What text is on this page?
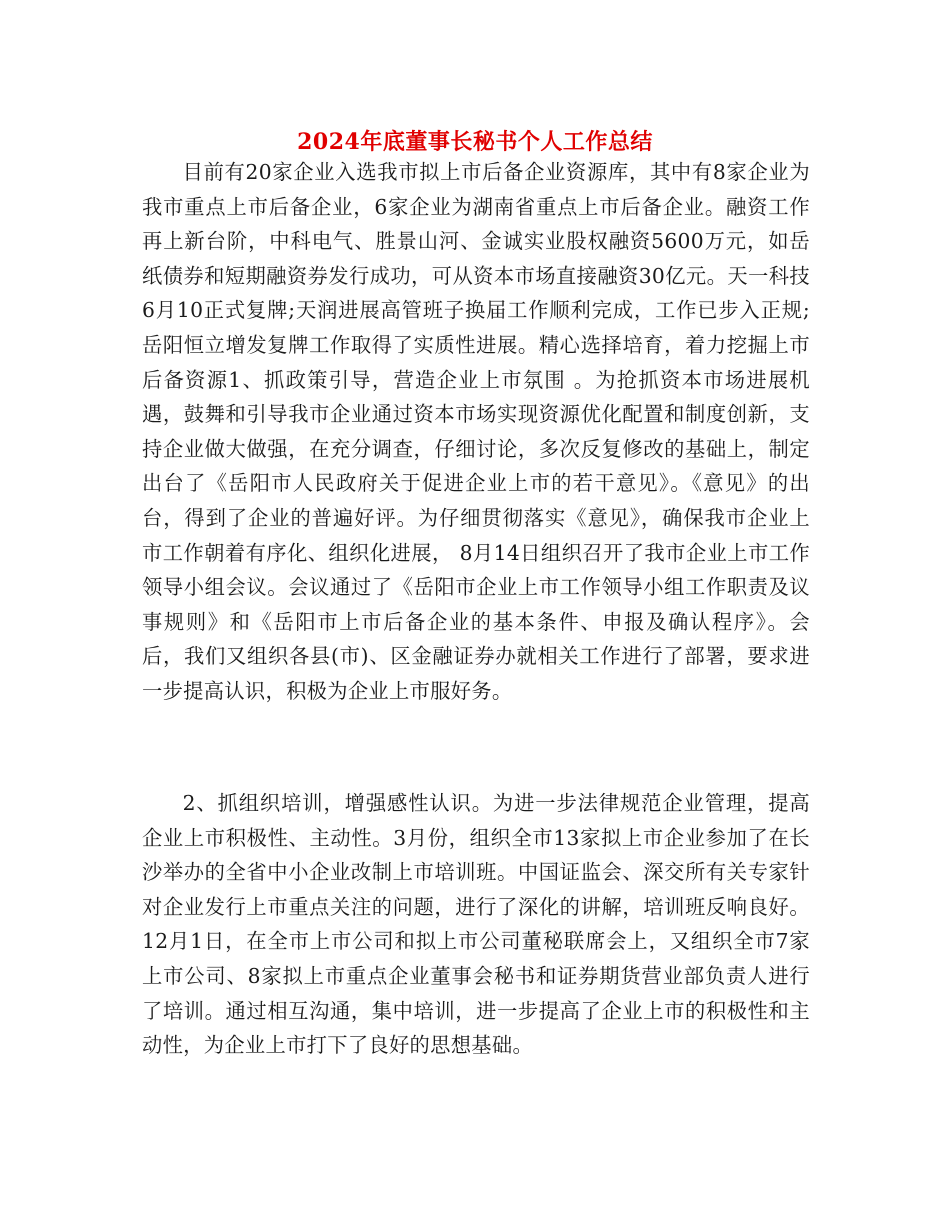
2024年底董事长秘书个人工作总结

目前有20家企业入选我市拟上市后备企业资源库，其中有8家企业为我市重点上市后备企业，6家企业为湖南省重点上市后备企业。融资工作再上新台阶，中科电气、胜景山河、金诚实业股权融资5600万元，如岳纸债券和短期融资券发行成功，可从资本市场直接融资30亿元。天一科技6月10正式复牌;天润进展高管班子换届工作顺利完成，工作已步入正规;岳阳恒立增发复牌工作取得了实质性进展。精心选择培育，着力挖掘上市后备资源1、抓政策引导，营造企业上市氛围 。为抢抓资本市场进展机遇，鼓舞和引导我市企业通过资本市场实现资源优化配置和制度创新，支持企业做大做强，在充分调查，仔细讨论，多次反复修改的基础上，制定出台了《岳阳市人民政府关于促进企业上市的若干意见》。《意见》的出台，得到了企业的普遍好评。为仔细贯彻落实《意见》，确保我市企业上市工作朝着有序化、组织化进展， 8月14日组织召开了我市企业上市工作领导小组会议。会议通过了《岳阳市企业上市工作领导小组工作职责及议事规则》和《岳阳市上市后备企业的基本条件、申报及确认程序》。会后，我们又组织各县(市)、区金融证券办就相关工作进行了部署，要求进一步提高认识，积极为企业上市服好务。

2、抓组织培训，增强感性认识。为进一步法律规范企业管理，提高企业上市积极性、主动性。3月份，组织全市13家拟上市企业参加了在长沙举办的全省中小企业改制上市培训班。中国证监会、深交所有关专家针对企业发行上市重点关注的问题，进行了深化的讲解，培训班反响良好。12月1日，在全市上市公司和拟上市公司董秘联席会上，又组织全市7家上市公司、8家拟上市重点企业董事会秘书和证券期货营业部负责人进行了培训。通过相互沟通，集中培训，进一步提高了企业上市的积极性和主动性，为企业上市打下了良好的思想基础。
